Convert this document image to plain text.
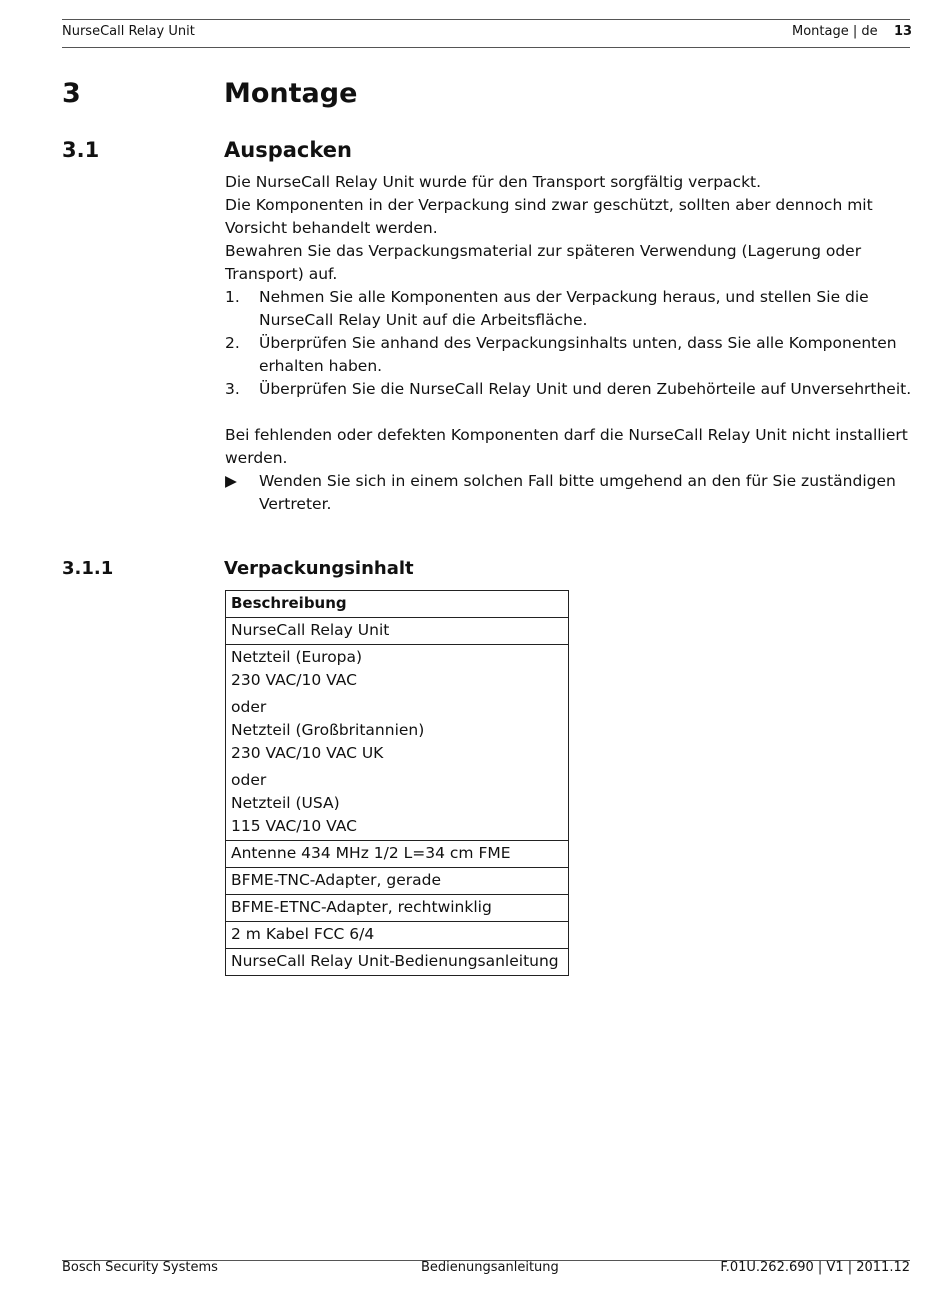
NurseCall Relay Unit	Montage | de 13
3	Montage
3.1	Auspacken

Die NurseCall Relay Unit wurde für den Transport sorgfältig verpackt.

Die Komponenten in der Verpackung sind zwar geschützt, sollten aber dennoch mit Vorsicht behandelt werden.

Bewahren Sie das Verpackungsmaterial zur späteren Verwendung (Lagerung oder Transport) auf.

1. Nehmen Sie alle Komponenten aus der Verpackung heraus, und stellen Sie die NurseCall Relay Unit auf die Arbeitsfläche.
2. Überprüfen Sie anhand des Verpackungsinhalts unten, dass Sie alle Komponenten erhalten haben.
3. Überprüfen Sie die NurseCall Relay Unit und deren Zubehörteile auf Unversehrtheit.

Bei fehlenden oder defekten Komponenten darf die NurseCall Relay Unit nicht installiert werden.

▶ Wenden Sie sich in einem solchen Fall bitte umgehend an den für Sie zuständigen Vertreter.
3.1.1	Verpackungsinhalt
Beschreibung
NurseCall Relay Unit

Netzteil (Europa)
230 VAC/10 VAC
oder
Netzteil (Großbritannien)
230 VAC/10 VAC UK
oder
Netzteil (USA)
115 VAC/10 VAC

Antenne 434 MHz 1/2 L=34 cm FME
BFME-TNC-Adapter, gerade
BFME-ETNC-Adapter, rechtwinklig
2 m Kabel FCC 6/4
NurseCall Relay Unit-Bedienungsanleitung
Bosch Security Systems	Bedienungsanleitung	F.01U.262.690 | V1 | 2011.12
